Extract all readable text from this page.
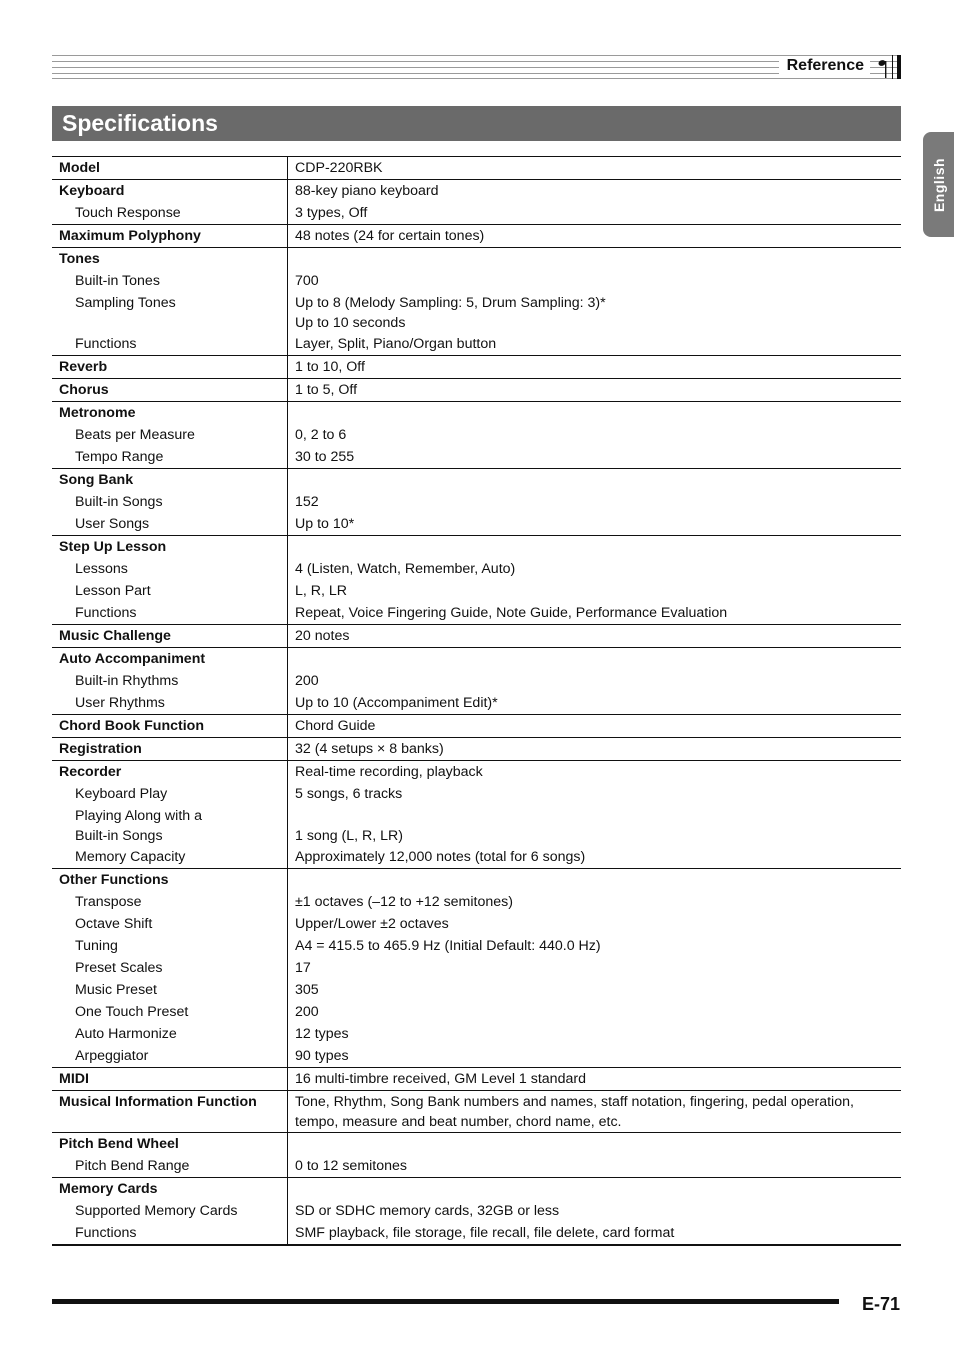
Reference
Specifications
English
Model	CDP-220RBK

Keyboard	88-key piano keyboard

Touch Response	3 types, Off

Maximum Polyphony	48 notes (24 for certain tones)

Tones	

Built-in Tones	700

Sampling Tones	Up to 8 (Melody Sampling: 5, Drum Sampling: 3)*

	Up to 10 seconds

Functions	Layer, Split, Piano/Organ button

Reverb	1 to 10, Off

Chorus	1 to 5, Off

Metronome	

Beats per Measure	0, 2 to 6

Tempo Range	30 to 255

Song Bank	

Built-in Songs	152

User Songs	Up to 10*

Step Up Lesson	

Lessons	4 (Listen, Watch, Remember, Auto)

Lesson Part	L, R, LR

Functions	Repeat, Voice Fingering Guide, Note Guide, Performance Evaluation

Music Challenge	20 notes

Auto Accompaniment	

Built-in Rhythms	200

User Rhythms	Up to 10 (Accompaniment Edit)*

Chord Book Function	Chord Guide

Registration	32 (4 setups × 8 banks)

Recorder	Real-time recording, playback

Keyboard Play	5 songs, 6 tracks

Playing Along with a	

Built-in Songs	1 song (L, R, LR)

Memory Capacity	Approximately 12,000 notes (total for 6 songs)

Other Functions	

Transpose	±1 octaves (–12 to +12 semitones)

Octave Shift	Upper/Lower ±2 octaves

Tuning	A4 = 415.5 to 465.9 Hz (Initial Default: 440.0 Hz)

Preset Scales	17

Music Preset	305

One Touch Preset	200

Auto Harmonize	12 types

Arpeggiator	90 types

MIDI	16 multi-timbre received, GM Level 1 standard

Musical Information Function	Tone, Rhythm, Song Bank numbers and names, staff notation, fingering, pedal operation,

	tempo, measure and beat number, chord name, etc.

Pitch Bend Wheel	

Pitch Bend Range	0 to 12 semitones

Memory Cards	

Supported Memory Cards	SD or SDHC memory cards, 32GB or less

Functions	SMF playback, file storage, file recall, file delete, card format
E-71
